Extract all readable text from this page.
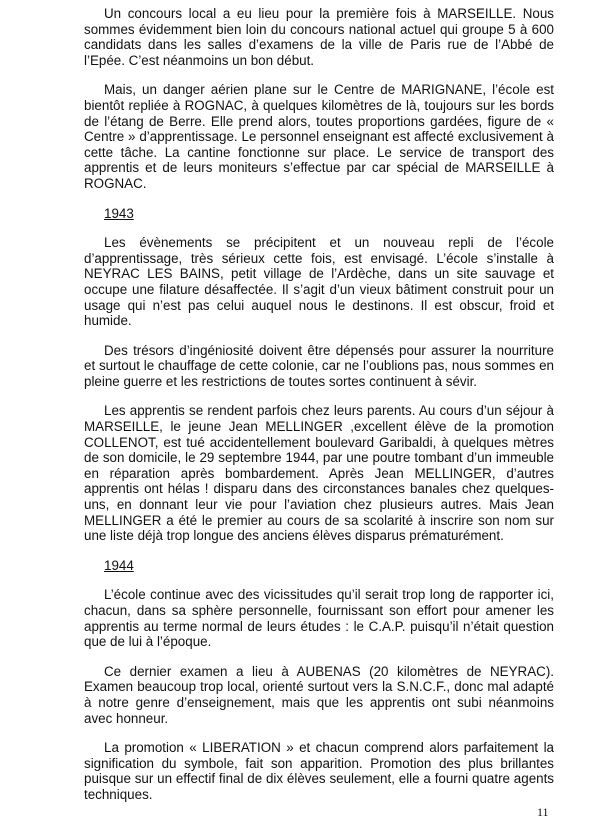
Un concours local a eu lieu pour la première fois à MARSEILLE. Nous sommes évidemment bien loin du concours national actuel qui groupe 5 à 600 candidats dans les salles d’examens de la ville de Paris rue de l’Abbé de l’Epée. C’est néanmoins un bon début.

Mais, un danger aérien plane sur le Centre de MARIGNANE, l’école est bientôt repliée à ROGNAC, à quelques kilomètres de là, toujours sur les bords de l’étang de Berre. Elle prend alors, toutes proportions gardées, figure de « Centre » d’apprentissage. Le personnel enseignant est affecté exclusivement à cette tâche. La cantine fonctionne sur place. Le service de transport des apprentis et de leurs moniteurs s’effectue par car spécial de MARSEILLE à ROGNAC.

1943

Les évènements se précipitent et un nouveau repli de l’école d’apprentissage, très sérieux cette fois, est envisagé. L’école s’installe à NEYRAC LES BAINS, petit village de l’Ardèche, dans un site sauvage et occupe une filature désaffectée. Il s’agit d’un vieux bâtiment construit pour un usage qui n’est pas celui auquel nous le destinons. Il est obscur, froid et humide.

Des trésors d’ingéniosité doivent être dépensés pour assurer la nourriture et surtout le chauffage de cette colonie, car ne l’oublions pas, nous sommes en pleine guerre et les restrictions de toutes sortes continuent à sévir.

Les apprentis se rendent parfois chez leurs parents. Au cours d’un séjour à MARSEILLE, le jeune Jean MELLINGER ,excellent élève de la promotion COLLENOT, est tué accidentellement boulevard Garibaldi, à quelques mètres de son domicile, le 29 septembre 1944, par une poutre tombant d’un immeuble en réparation après bombardement. Après Jean MELLINGER, d’autres apprentis ont hélas ! disparu dans des circonstances banales chez quelques-uns, en donnant leur vie pour l’aviation chez plusieurs autres. Mais Jean MELLINGER a été le premier au cours de sa scolarité à inscrire son nom sur une liste déjà trop longue des anciens élèves disparus prématurément.

1944

L’école continue avec des vicissitudes qu’il serait trop long de rapporter ici, chacun, dans sa sphère personnelle, fournissant son effort pour amener les apprentis au terme normal de leurs études : le C.A.P. puisqu’il n’était question que de lui à l’époque.

Ce dernier examen a lieu à AUBENAS (20 kilomètres de NEYRAC). Examen beaucoup trop local, orienté surtout vers la S.N.C.F., donc mal adapté à notre genre d’enseignement, mais que les apprentis ont subi néanmoins avec honneur.

La promotion « LIBERATION » et chacun comprend alors parfaitement la signification du symbole, fait son apparition. Promotion des plus brillantes puisque sur un effectif final de dix élèves seulement, elle a fourni quatre agents techniques.

11
